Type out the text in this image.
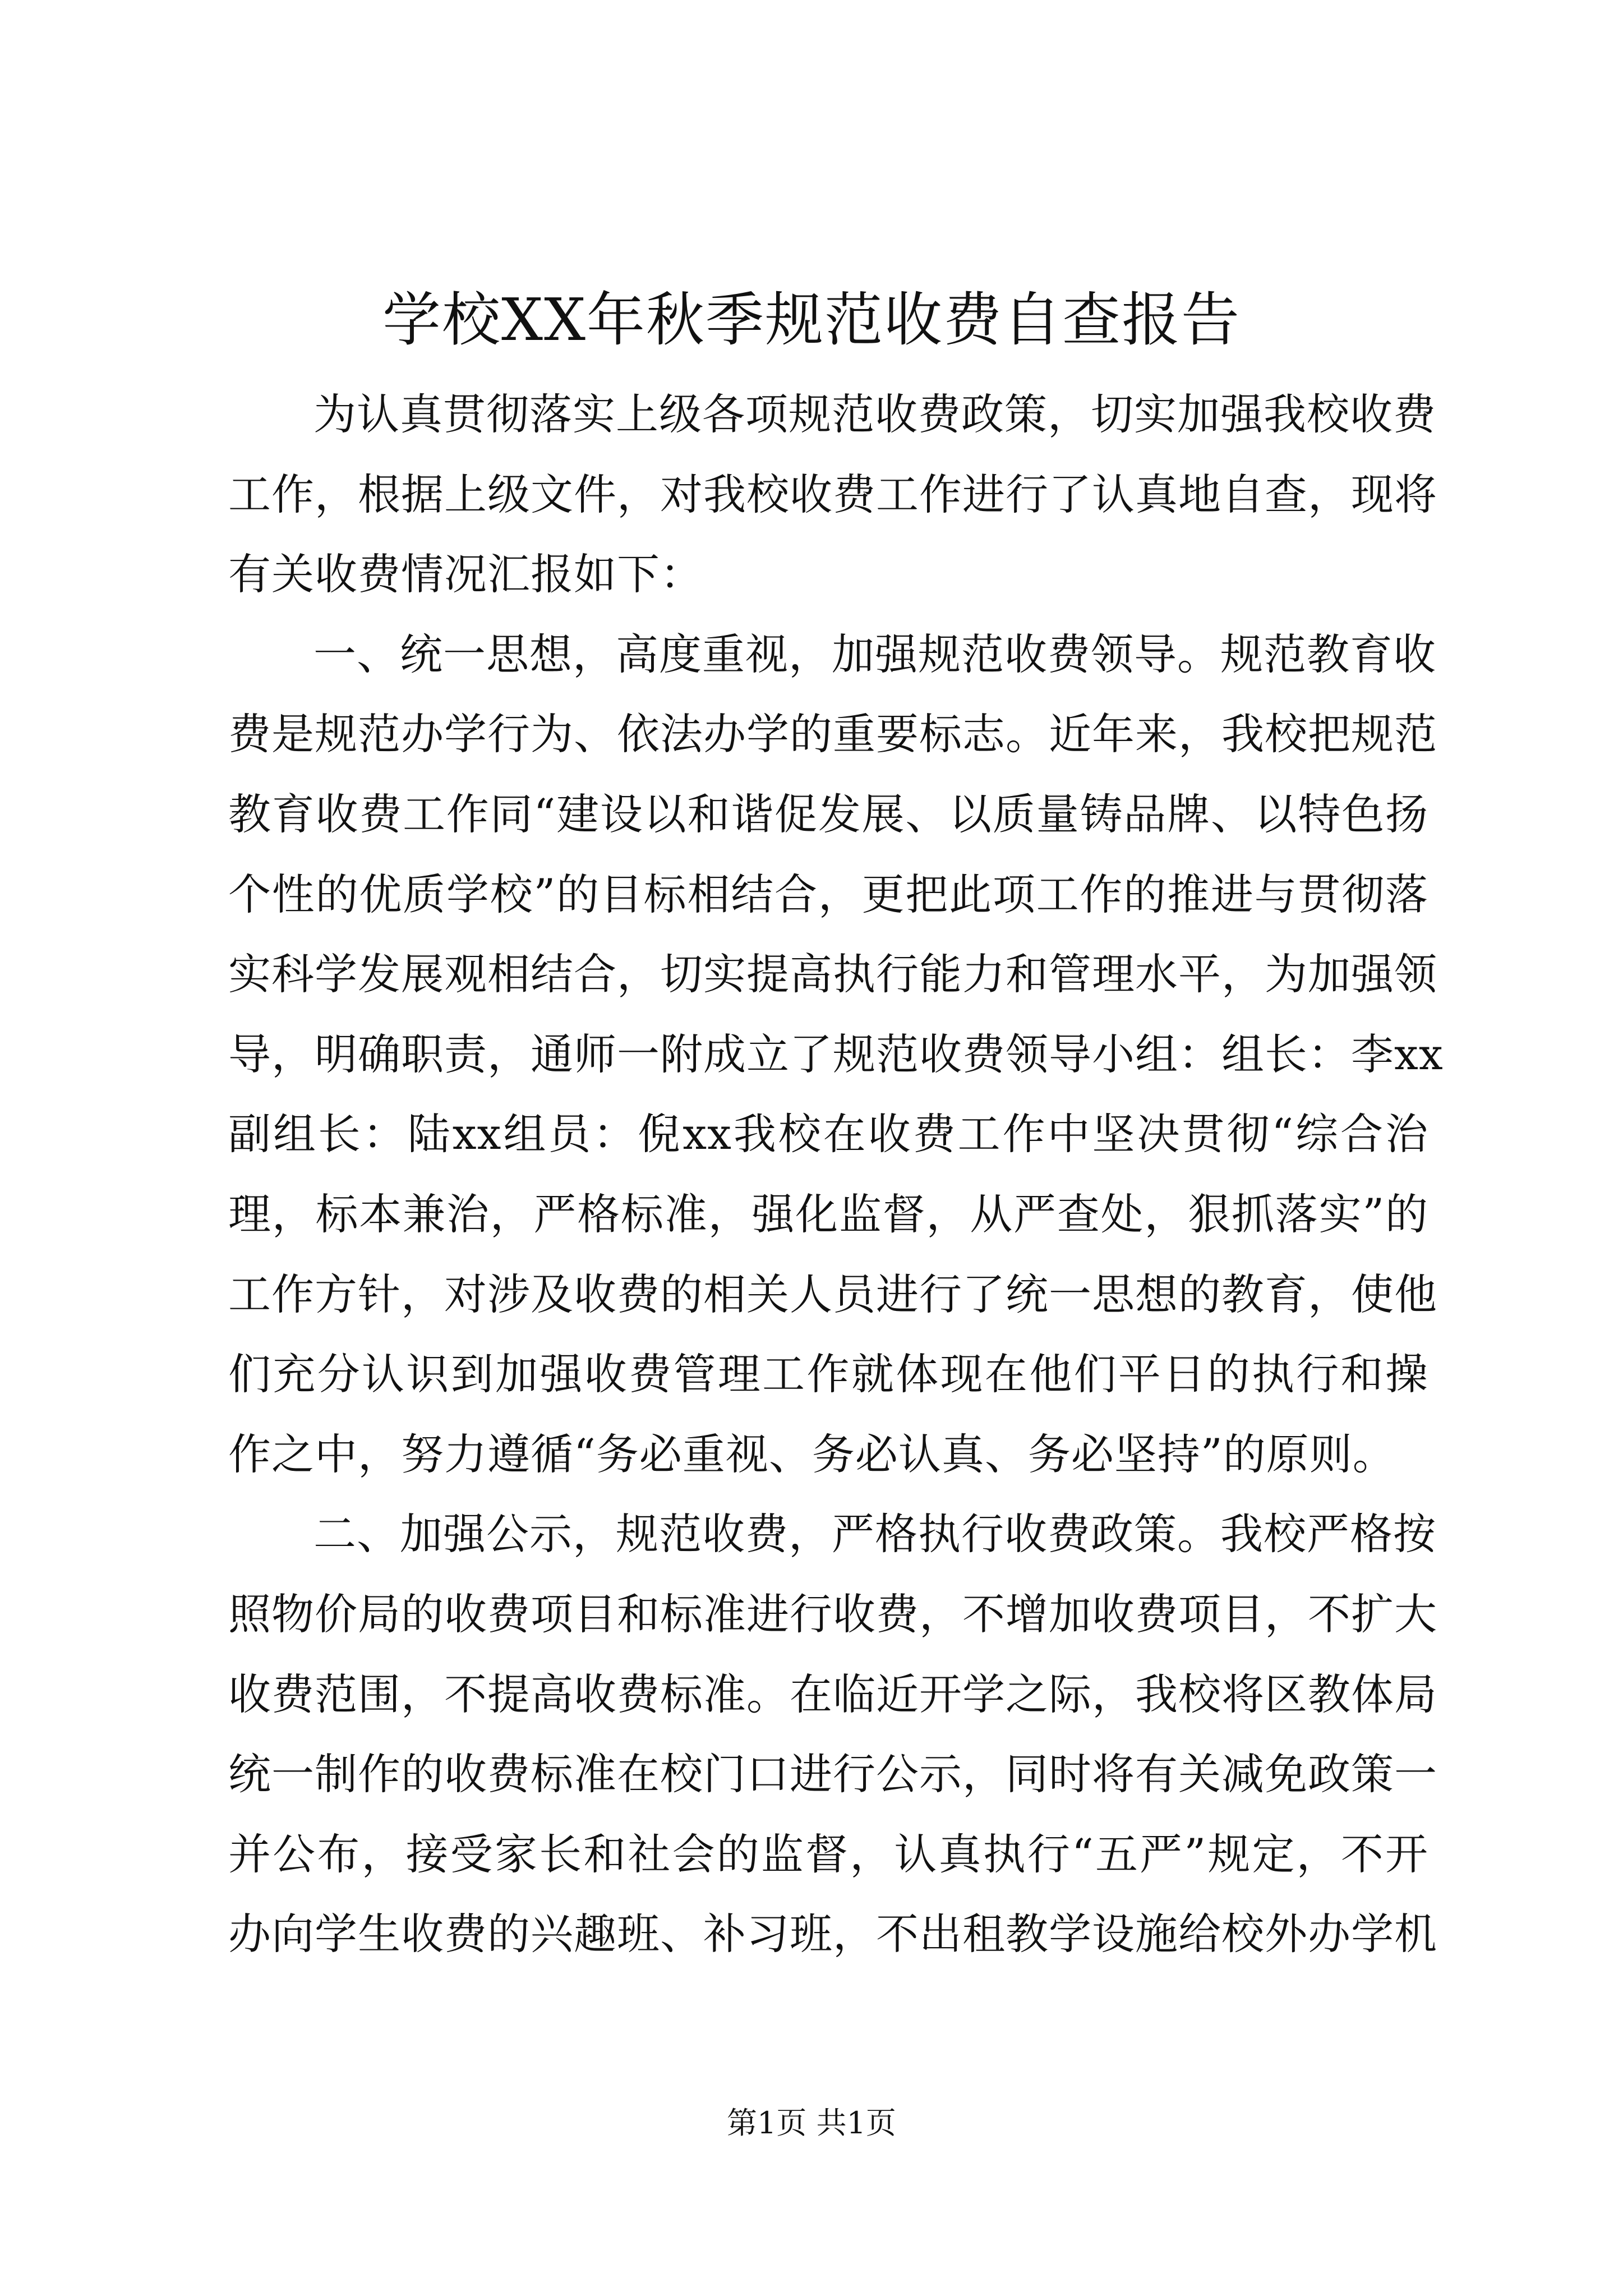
学校XX年秋季规范收费自查报告
为认真贯彻落实上级各项规范收费政策，切实加强我校收费
工作，根据上级文件，对我校收费工作进行了认真地自查，现将
有关收费情况汇报如下：
一、统一思想，高度重视，加强规范收费领导。规范教育收
费是规范办学行为、依法办学的重要标志。近年来，我校把规范
教育收费工作同“建设以和谐促发展、以质量铸品牌、以特色扬
个性的优质学校”的目标相结合，更把此项工作的推进与贯彻落
实科学发展观相结合，切实提高执行能力和管理水平，为加强领
导，明确职责，通师一附成立了规范收费领导小组：组长：李xx
副组长：陆xx组员：倪xx我校在收费工作中坚决贯彻“综合治
理，标本兼治，严格标准，强化监督，从严查处，狠抓落实”的
工作方针，对涉及收费的相关人员进行了统一思想的教育，使他
们充分认识到加强收费管理工作就体现在他们平日的执行和操
作之中，努力遵循“务必重视、务必认真、务必坚持”的原则。
二、加强公示，规范收费，严格执行收费政策。我校严格按
照物价局的收费项目和标准进行收费，不增加收费项目，不扩大
收费范围，不提高收费标准。在临近开学之际，我校将区教体局
统一制作的收费标准在校门口进行公示，同时将有关减免政策一
并公布，接受家长和社会的监督，认真执行“五严”规定，不开
办向学生收费的兴趣班、补习班，不出租教学设施给校外办学机
第1页 共1页
